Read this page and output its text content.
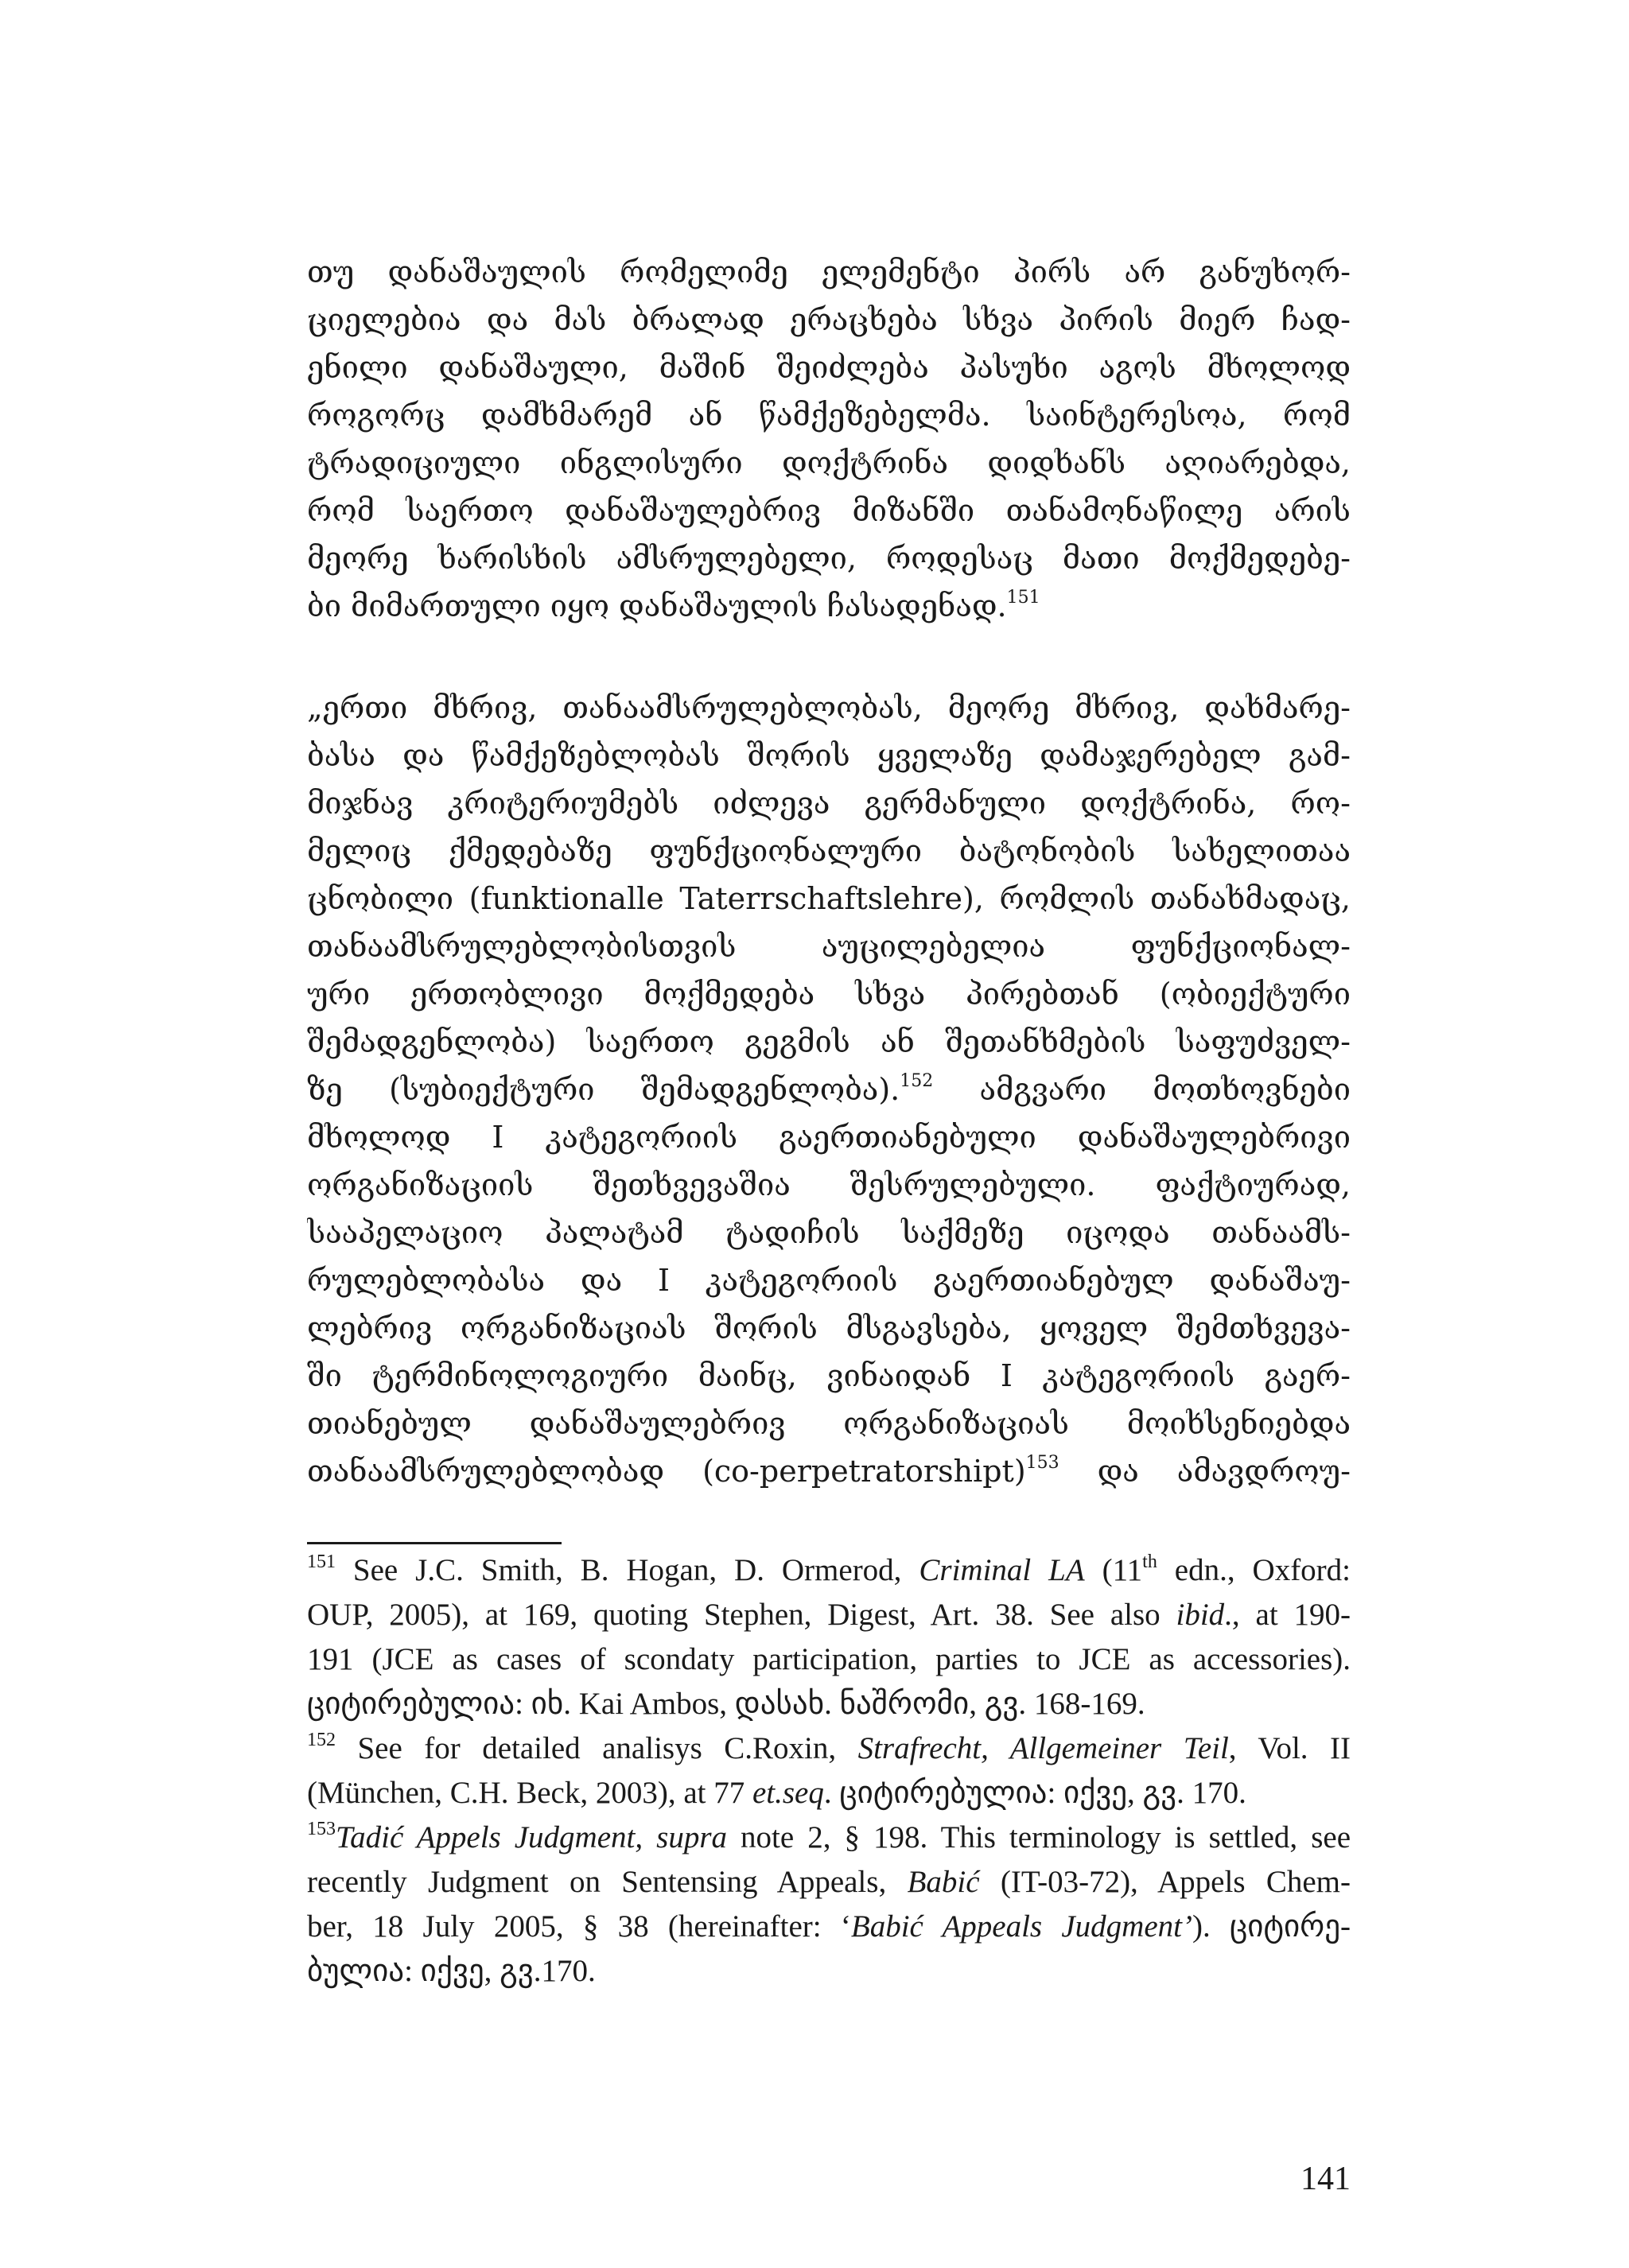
თუ დანაშაულის რომელიმე ელემენტი პირს არ განუხორ-
ციელებია და მას ბრალად ერაცხება სხვა პირის მიერ ჩად-
ენილი დანაშაული, მაშინ შეიძლება პასუხი აგოს მხოლოდ
როგორც დამხმარემ ან წამქეზებელმა. საინტერესოა, რომ
ტრადიციული ინგლისური დოქტრინა დიდხანს აღიარებდა,
რომ საერთო დანაშაულებრივ მიზანში თანამონაწილე არის
მეორე ხარისხის ამსრულებელი, როდესაც მათი მოქმედებე-
ბი მიმართული იყო დანაშაულის ჩასადენად.$^{151}$
„ერთი მხრივ, თანაამსრულებლობას, მეორე მხრივ, დახმარე-
ბასა და წამქეზებლობას შორის ყველაზე დამაჯერებელ გამ-
მიჯნავ კრიტერიუმებს იძლევა გერმანული დოქტრინა, რო-
მელიც ქმედებაზე ფუნქციონალური ბატონობის სახელითაა
ცნობილი (funktionalle Taterrschaftslehre), რომლის თანახმადაც,
თანაამსრულებლობისთვის აუცილებელია ფუნქციონალ-
ური ერთობლივი მოქმედება სხვა პირებთან (ობიექტური
შემადგენლობა) საერთო გეგმის ან შეთანხმების საფუძველ-
ზე (სუბიექტური შემადგენლობა).$^{152}$ ამგვარი მოთხოვნები
მხოლოდ I კატეგორიის გაერთიანებული დანაშაულებრივი
ორგანიზაციის შეთხვევაშია შესრულებული. ფაქტიურად,
სააპელაციო პალატამ ტადიჩის საქმეზე იცოდა თანაამს-
რულებლობასა და I კატეგორიის გაერთიანებულ დანაშაუ-
ლებრივ ორგანიზაციას შორის მსგავსება, ყოველ შემთხვევა-
ში ტერმინოლოგიური მაინც, ვინაიდან I კატეგორიის გაერ-
თიანებულ დანაშაულებრივ ორგანიზაციას მოიხსენიებდა
თანაამსრულებლობად (co-perpetratorshipt)$^{153}$ და ამავდროუ-
$^{151}$ See J.C. Smith, B. Hogan, D. Ormerod, Criminal LA (11th edn., Oxford:
OUP, 2005), at 169, quoting Stephen, Digest, Art. 38. See also ibid., at 190-
191 (JCE as cases of scondaty participation, parties to JCE as accessories).
ციტირებულია: იხ. Kai Ambos, დასახ. ნაშრომი, გვ. 168-169.
$^{152}$ See for detailed analisys C.Roxin, Strafrecht, Allgemeiner Teil, Vol. II
(München, C.H. Beck, 2003), at 77 et.seq. ციტირებულია: იქვე, გვ. 170.
$^{153}$Tadić Appels Judgment, supra note 2, § 198. This terminology is settled, see
recently Judgment on Sentensing Appeals, Babić (IT-03-72), Appels Chem-
ber, 18 July 2005, § 38 (hereinafter: ‘Babić Appeals Judgment’). ციტირე-
ბულია: იქვე, გვ.170.
141
